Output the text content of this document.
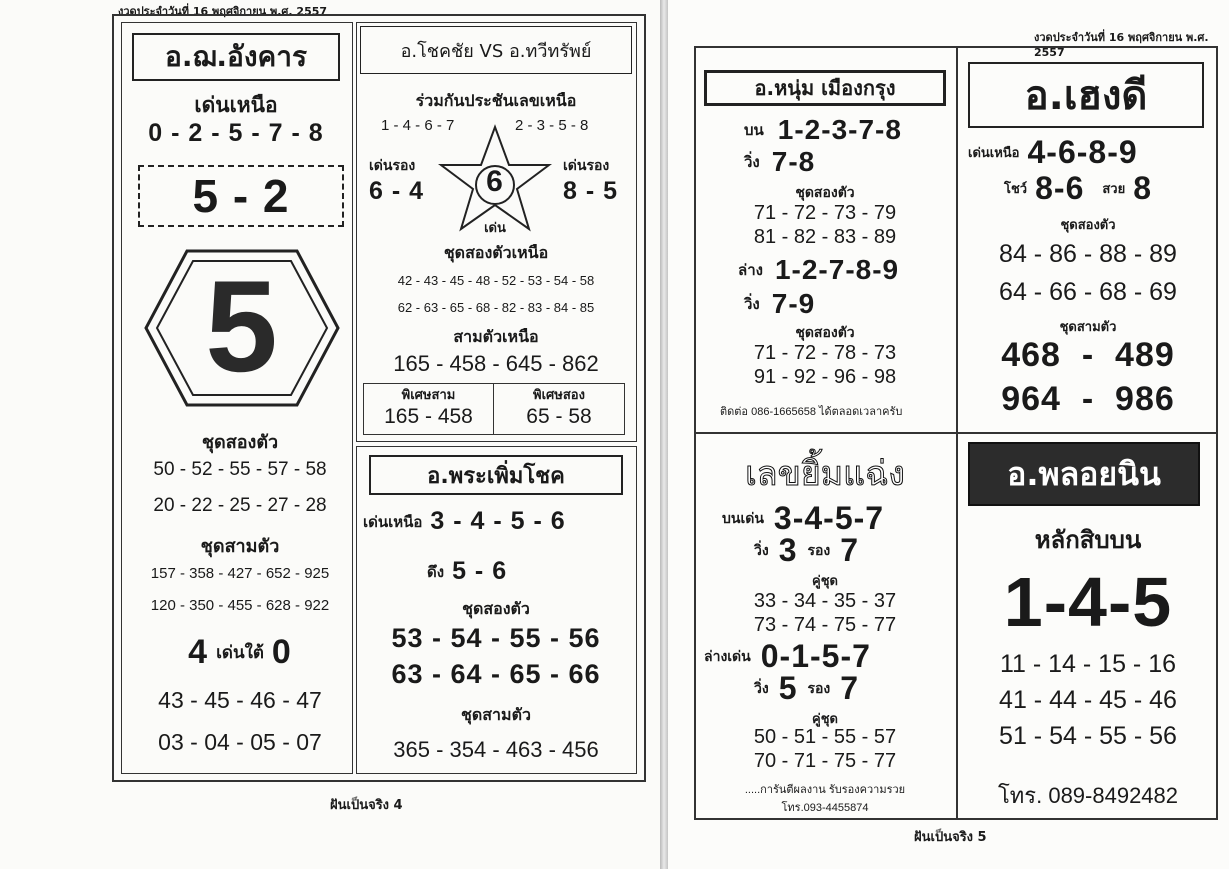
งวดประจำวันที่ 16 พฤศจิกายน พ.ศ. 2557
อ.ฌ.อังคาร
เด่นเหนือ
0 - 2 - 5 - 7 - 8
5 - 2
5
ชุดสองตัว
50 - 52 - 55 - 57 - 58
20 - 22 - 25 - 27 - 28
ชุดสามตัว
157 - 358 - 427 - 652 - 925
120 - 350 - 455 - 628 - 922
4 เด่นใต้ 0
43 - 45 - 46 - 47
03 - 04 - 05 - 07
อ.โชคชัย VS อ.ทวีทรัพย์
ร่วมกันประชันเลขเหนือ
1 - 4 - 6 - 7	2 - 3 - 5 - 8
เด่นรอง
6 - 4	6
เด่น
เด่นรอง
8 - 5
ชุดสองตัวเหนือ
42 - 43 - 45 - 48 - 52 - 53 - 54 - 58
62 - 63 - 65 - 68 - 82 - 83 - 84 - 85
สามตัวเหนือ
165 - 458 - 645 - 862
พิเศษสาม
165 - 458
พิเศษสอง
65 - 58
อ.พระเพิ่มโชค
เด่นเหนือ 3 - 4 - 5 - 6
ดึง 5 - 6
ชุดสองตัว
53 - 54 - 55 - 56
63 - 64 - 65 - 66
ชุดสามตัว
365 - 354 - 463 - 456
ฝันเป็นจริง 4
งวดประจำวันที่ 16 พฤศจิกายน พ.ศ. 2557
อ.หนุ่ม เมืองกรุง
บน 1-2-3-7-8
วิ่ง 7-8
ชุดสองตัว
71 - 72 - 73 - 79
81 - 82 - 83 - 89
ล่าง 1-2-7-8-9
วิ่ง 7-9
ชุดสองตัว
71 - 72 - 78 - 73
91 - 92 - 96 - 98
ติดต่อ 086-1665658 ได้ตลอดเวลาครับ
อ.เฮงดี
เด่นเหนือ 4-6-8-9
โชว์ 8-6 สวย 8
ชุดสองตัว
84 - 86 - 88 - 89
64 - 66 - 68 - 69
ชุดสามตัว
468  -  489
964  -  986
เลขยิ้มแฉ่ง
บนเด่น 3-4-5-7
วิ่ง 3 รอง 7
คู่ชุด
33 - 34 - 35 - 37
73 - 74 - 75 - 77
ล่างเด่น 0-1-5-7
วิ่ง 5 รอง 7
คู่ชุด
50 - 51 - 55 - 57
70 - 71 - 75 - 77
.....การันตีผลงาน รับรองความรวย
โทร.093-4455874
อ.พลอยนิน
หลักสิบบน
1-4-5
11 - 14 - 15 - 16
41 - 44 - 45 - 46
51 - 54 - 55 - 56
โทร. 089-8492482
ฝันเป็นจริง 5
